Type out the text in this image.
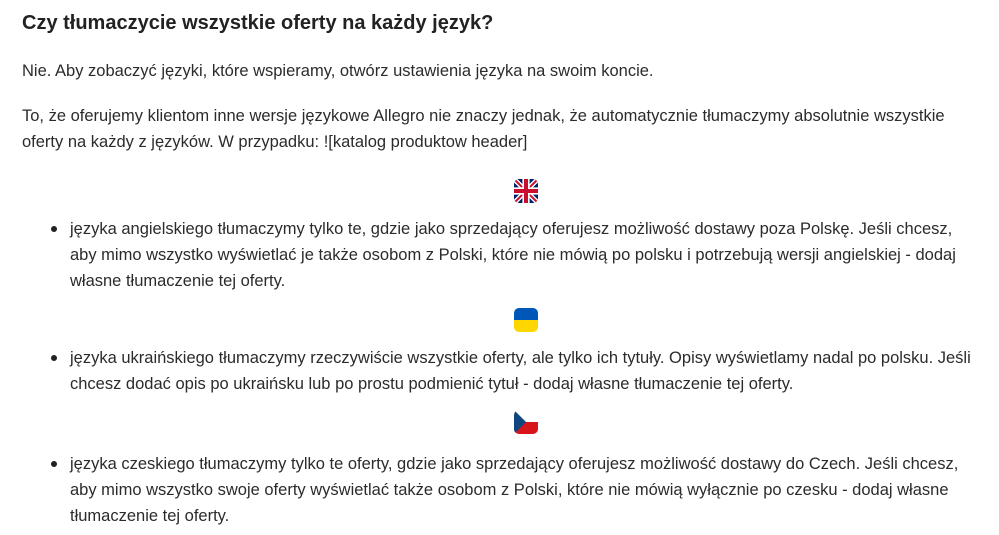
Czy tłumaczycie wszystkie oferty na każdy język?

Nie. Aby zobaczyć języki, które wspieramy, otwórz ustawienia języka na swoim koncie.

To, że oferujemy klientom inne wersje językowe Allegro nie znaczy jednak, że automatycznie tłumaczymy absolutnie wszystkie oferty na każdy z języków. W przypadku: ![katalog produktow header]

języka angielskiego tłumaczymy tylko te, gdzie jako sprzedający oferujesz możliwość dostawy poza Polskę. Jeśli chcesz, aby mimo wszystko wyświetlać je także osobom z Polski, które nie mówią po polsku i potrzebują wersji angielskiej - dodaj własne tłumaczenie tej oferty.
języka ukraińskiego tłumaczymy rzeczywiście wszystkie oferty, ale tylko ich tytuły. Opisy wyświetlamy nadal po polsku. Jeśli chcesz dodać opis po ukraińsku lub po prostu podmienić tytuł - dodaj własne tłumaczenie tej oferty.
języka czeskiego tłumaczymy tylko te oferty, gdzie jako sprzedający oferujesz możliwość dostawy do Czech. Jeśli chcesz, aby mimo wszystko swoje oferty wyświetlać także osobom z Polski, które nie mówią wyłącznie po czesku - dodaj własne tłumaczenie tej oferty.
